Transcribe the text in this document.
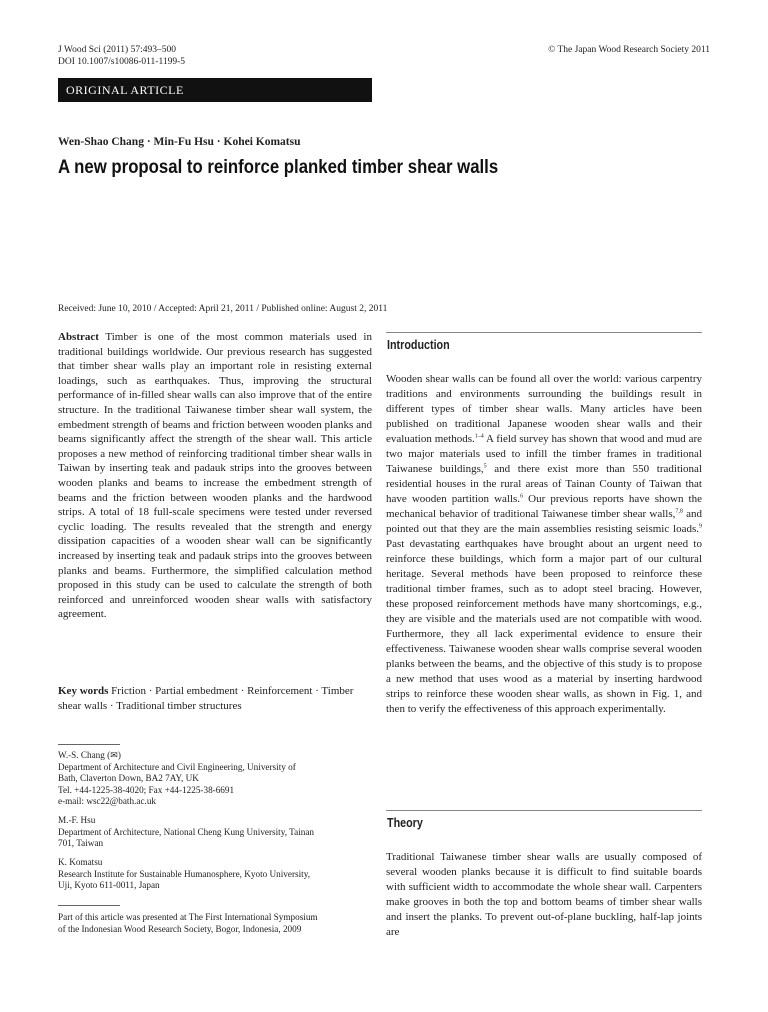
J Wood Sci (2011) 57:493–500
DOI 10.1007/s10086-011-1199-5
© The Japan Wood Research Society 2011
ORIGINAL ARTICLE
Wen-Shao Chang · Min-Fu Hsu · Kohei Komatsu
A new proposal to reinforce planked timber shear walls
Received: June 10, 2010 / Accepted: April 21, 2011 / Published online: August 2, 2011
Abstract Timber is one of the most common materials used in traditional buildings worldwide. Our previous research has suggested that timber shear walls play an important role in resisting external loadings, such as earthquakes. Thus, improving the structural performance of in-filled shear walls can also improve that of the entire structure. In the traditional Taiwanese timber shear wall system, the embedment strength of beams and friction between wooden planks and beams significantly affect the strength of the shear wall. This article proposes a new method of reinforcing traditional timber shear walls in Taiwan by inserting teak and padauk strips into the grooves between wooden planks and beams to increase the embedment strength of beams and the friction between wooden planks and the hardwood strips. A total of 18 full-scale specimens were tested under reversed cyclic loading. The results revealed that the strength and energy dissipation capacities of a wooden shear wall can be significantly increased by inserting teak and padauk strips into the grooves between planks and beams. Furthermore, the simplified calculation method proposed in this study can be used to calculate the strength of both reinforced and unreinforced wooden shear walls with satisfactory agreement.
Key words Friction · Partial embedment · Reinforcement · Timber shear walls · Traditional timber structures
W.-S. Chang (✉)
Department of Architecture and Civil Engineering, University of
Bath, Claverton Down, BA2 7AY, UK
Tel. +44-1225-38-4020; Fax +44-1225-38-6691
e-mail: wsc22@bath.ac.uk
M.-F. Hsu
Department of Architecture, National Cheng Kung University, Tainan
701, Taiwan
K. Komatsu
Research Institute for Sustainable Humanosphere, Kyoto University,
Uji, Kyoto 611-0011, Japan
Part of this article was presented at The First International Symposium
of the Indonesian Wood Research Society, Bogor, Indonesia, 2009
Introduction
Wooden shear walls can be found all over the world: various carpentry traditions and environments surrounding the buildings result in different types of timber shear walls. Many articles have been published on traditional Japanese wooden shear walls and their evaluation methods.$^{1-4}$ A field survey has shown that wood and mud are two major materials used to infill the timber frames in traditional Taiwanese buildings,$^5$ and there exist more than 550 traditional residential houses in the rural areas of Tainan County of Taiwan that have wooden partition walls.$^6$ Our previous reports have shown the mechanical behavior of traditional Taiwanese timber shear walls,$^{7,8}$ and pointed out that they are the main assemblies resisting seismic loads.$^9$ Past devastating earthquakes have brought about an urgent need to reinforce these buildings, which form a major part of our cultural heritage. Several methods have been proposed to reinforce these traditional timber frames, such as to adopt steel bracing. However, these proposed reinforcement methods have many shortcomings, e.g., they are visible and the materials used are not compatible with wood. Furthermore, they all lack experimental evidence to ensure their effectiveness. Taiwanese wooden shear walls comprise several wooden planks between the beams, and the objective of this study is to propose a new method that uses wood as a material by inserting hardwood strips to reinforce these wooden shear walls, as shown in Fig. 1, and then to verify the effectiveness of this approach experimentally.
Theory
Traditional Taiwanese timber shear walls are usually composed of several wooden planks because it is difficult to find suitable boards with sufficient width to accommodate the whole shear wall. Carpenters make grooves in both the top and bottom beams of timber shear walls and insert the planks. To prevent out-of-plane buckling, half-lap joints are
